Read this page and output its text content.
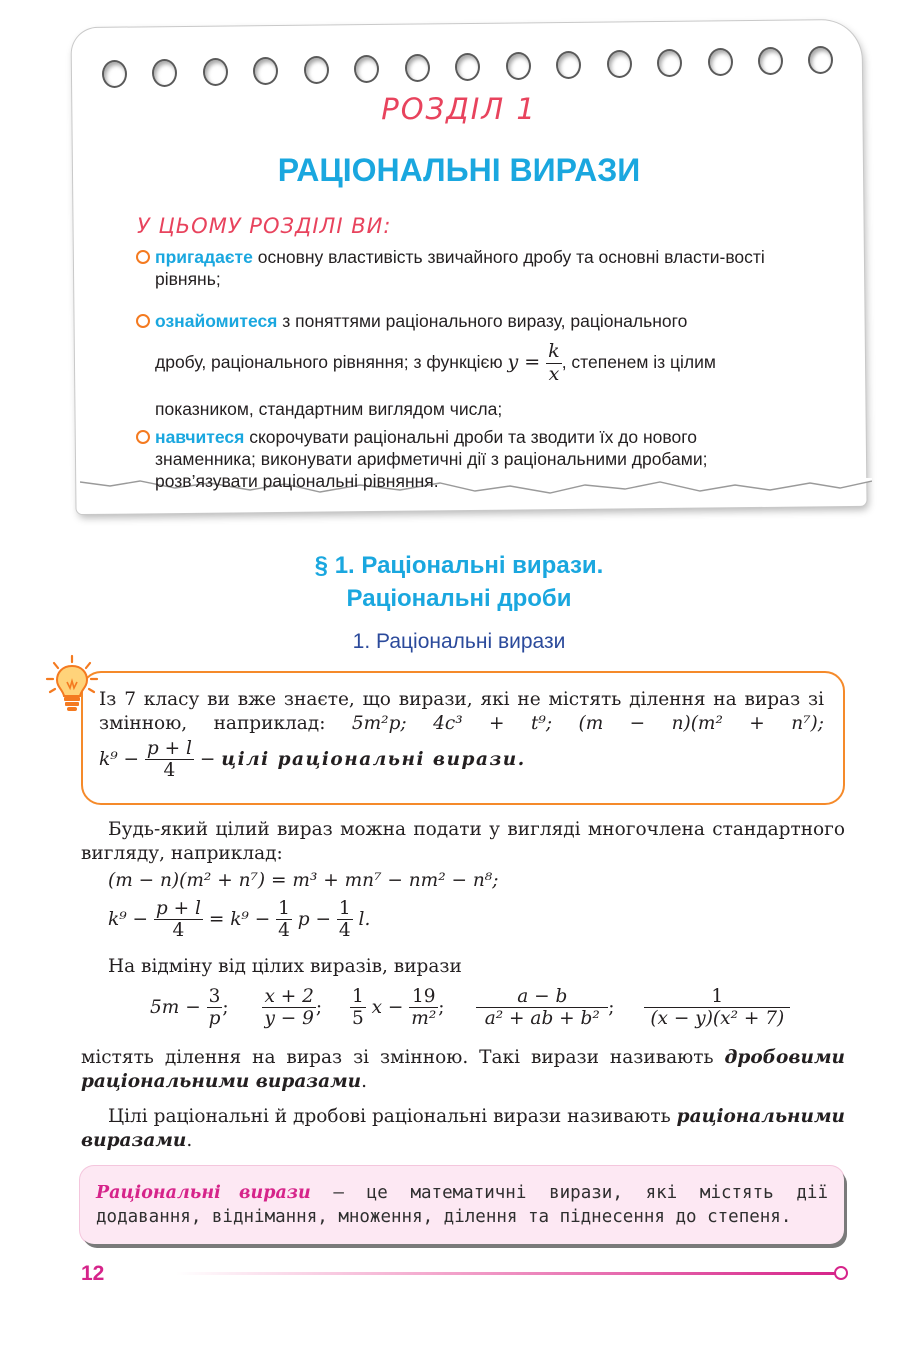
РОЗДІЛ 1
РАЦІОНАЛЬНІ ВИРАЗИ
У ЦЬОМУ РОЗДІЛІ ВИ:
пригадаєте основну властивість звичайного дробу та основні власти-вості рівнянь;
ознайомитеся з поняттями раціонального виразу, раціонального
дробу, раціонального рівняння; з функцією $y = \frac{k}{x}$ , степенем із цілим
показником, стандартним виглядом числа;
навчитеся скорочувати раціональні дроби та зводити їх до нового знаменника; виконувати арифметичні дії з раціональними дробами; розв’язувати раціональні рівняння.
§ 1. Раціональні вирази.
Раціональні дроби
1. Раціональні вирази
Із 7 класу ви вже знаєте, що вирази, які не містять ділення на вираз зі змінною, наприклад: 5m²p; 4c³ + t⁹; (m − n)(m² + n⁷);
$k^9 - \frac{p + l}{4}$ − цілі раціональні вирази.
Будь-який цілий вираз можна подати у вигляді многочлена стандартного вигляду, наприклад:
(m − n)(m² + n⁷) = m³ + mn⁷ − nm² − n⁸;
$k^9 - \frac{p + l}{4} = k^9 - \frac{1}{4}$ $p - \frac{1}{4} l$.
На відміну від цілих виразів, вирази
$5m - \frac{3}{p}$ ; $\frac{x + 2}{y - 9}$ ; $\frac{1}{5}$ $x - \frac{19}{\text{m²}}$ ; $\frac{a - b}{\text{a² + ab + b²}}$ ; $\frac{1}{\text{(x − y)(x² + 7)}}$
містять ділення на вираз зі змінною. Такі вирази називають дробовими раціональними виразами.
Цілі раціональні й дробові раціональні вирази називають раціональними виразами.
Раціональні вирази – це математичні вирази, які містять дії додавання, віднімання, множення, ділення та піднесення до степеня.
12
